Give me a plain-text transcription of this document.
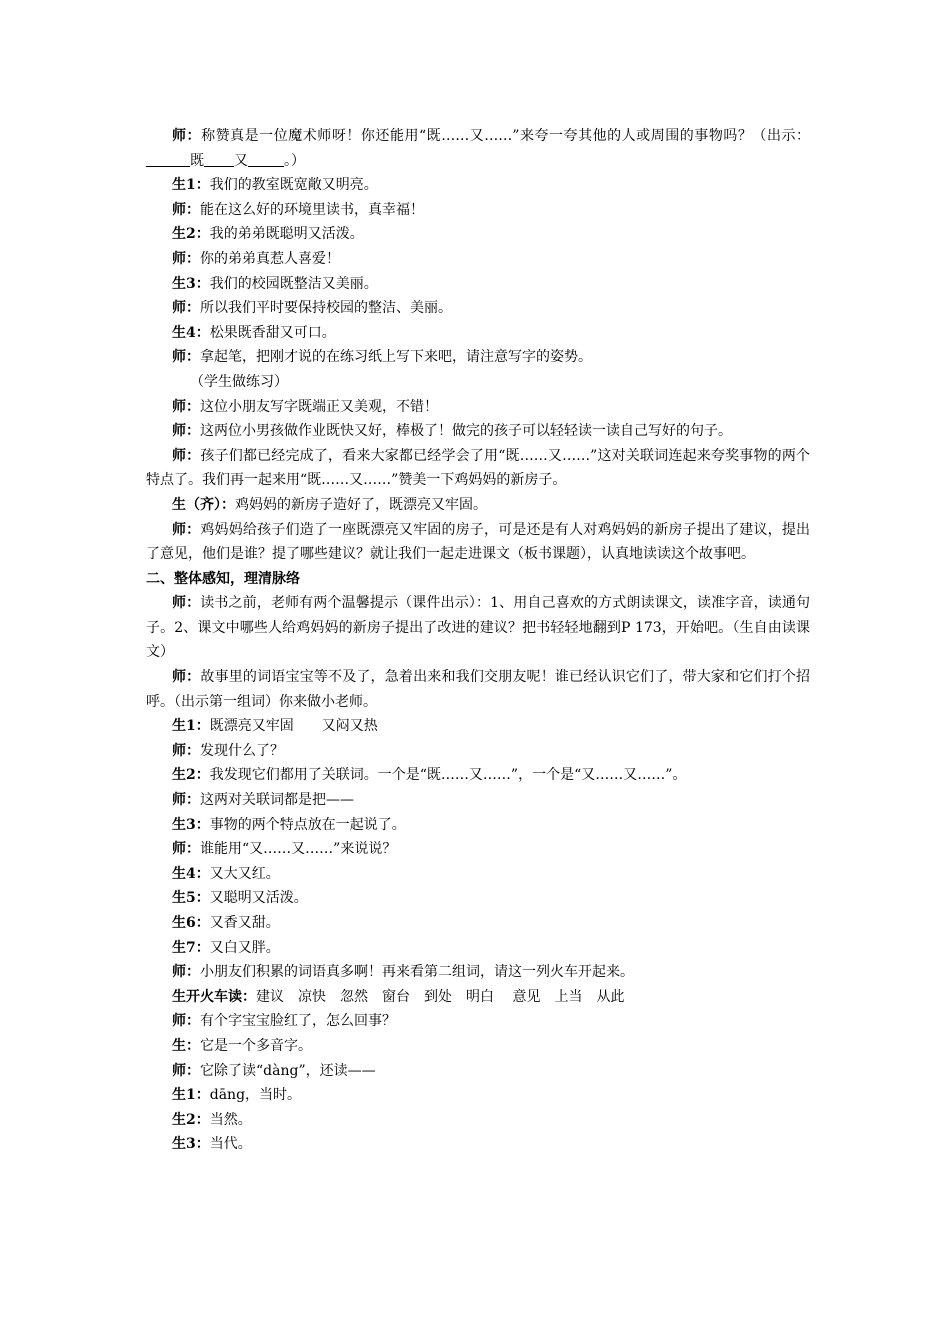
师：称赞真是一位魔术师呀！你还能用“既……又……”来夸一夸其他的人或周围的事物吗？（出示：既 又	。）

生1：我们的教室既宽敞又明亮。

师：能在这么好的环境里读书，真幸福！

生2：我的弟弟既聪明又活泼。

师：你的弟弟真惹人喜爱！

生3：我们的校园既整洁又美丽。

师：所以我们平时要保持校园的整洁、美丽。

生4：松果既香甜又可口。

师：拿起笔，把刚才说的在练习纸上写下来吧，请注意写字的姿势。

（学生做练习）

师：这位小朋友写字既端正又美观，不错！

师：这两位小男孩做作业既快又好，棒极了！做完的孩子可以轻轻读一读自己写好的句子。

师：孩子们都已经完成了，看来大家都已经学会了用“既……又……”这对关联词连起来夸奖事物的两个特点了。我们再一起来用“既……又……”赞美一下鸡妈妈的新房子。

生（齐）：鸡妈妈的新房子造好了，既漂亮又牢固。

师：鸡妈妈给孩子们造了一座既漂亮又牢固的房子，可是还是有人对鸡妈妈的新房子提出了建议，提出了意见，他们是谁？提了哪些建议？就让我们一起走进课文（板书课题），认真地读读这个故事吧。

二、整体感知，理清脉络

师：读书之前，老师有两个温馨提示（课件出示）：1、用自己喜欢的方式朗读课文，读准字音，读通句子。2、课文中哪些人给鸡妈妈的新房子提出了改进的建议？把书轻轻地翻到P 173，开始吧。（生自由读课文）

师：故事里的词语宝宝等不及了，急着出来和我们交朋友呢！谁已经认识它们了，带大家和它们打个招呼。（出示第一组词）你来做小老师。

生1：既漂亮又牢固　　又闷又热

师：发现什么了？

生2：我发现它们都用了关联词。一个是“既……又……”，一个是“又……又……”。

师：这两对关联词都是把——

生3：事物的两个特点放在一起说了。

师：谁能用“又……又……”来说说？

生4：又大又红。

生5：又聪明又活泼。

生6：又香又甜。

生7：又白又胖。

师：小朋友们积累的词语真多啊！再来看第二组词，请这一列火车开起来。

生开火车读：建议　凉快　忽然　窗台　到处　明白　 意见　上当　从此

师：有个字宝宝脸红了，怎么回事？

生：它是一个多音字。

师：它除了读“dàng”，还读——

生1：dāng，当时。

生2：当然。

生3：当代。
